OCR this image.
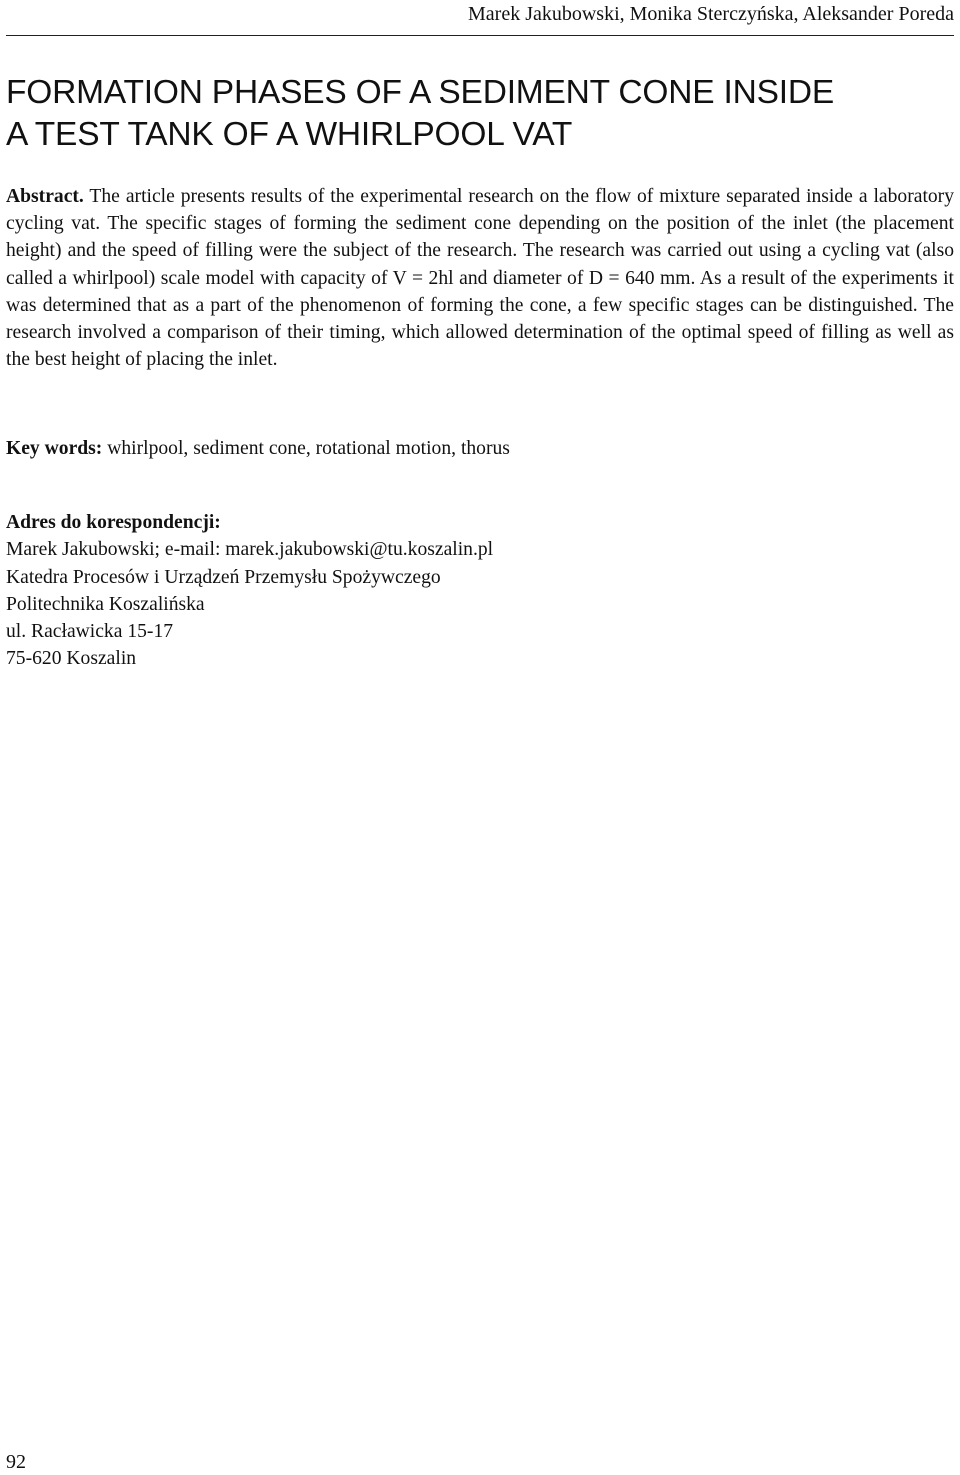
Marek Jakubowski, Monika Sterczyńska, Aleksander Poreda
FORMATION PHASES OF A SEDIMENT CONE INSIDE
A TEST TANK OF A WHIRLPOOL VAT

Abstract. The article presents results of the experimental research on the flow of mixture separated inside a laboratory cycling vat. The specific stages of forming the sediment cone depending on the position of the inlet (the placement height) and the speed of filling were the subject of the research. The research was carried out using a cycling vat (also called a whirlpool) scale model with capacity of V = 2hl and diameter of D = 640 mm. As a result of the experiments it was determined that as a part of the phenomenon of forming the cone, a few specific stages can be distinguished. The research involved a comparison of their timing, which allowed determination of the optimal speed of filling as well as the best height of placing the inlet.

Key words: whirlpool, sediment cone, rotational motion, thorus

Adres do korespondencji:
Marek Jakubowski; e-mail: marek.jakubowski@tu.koszalin.pl
Katedra Procesów i Urządzeń Przemysłu Spożywczego
Politechnika Koszalińska
ul. Racławicka 15-17
75-620 Koszalin
92
